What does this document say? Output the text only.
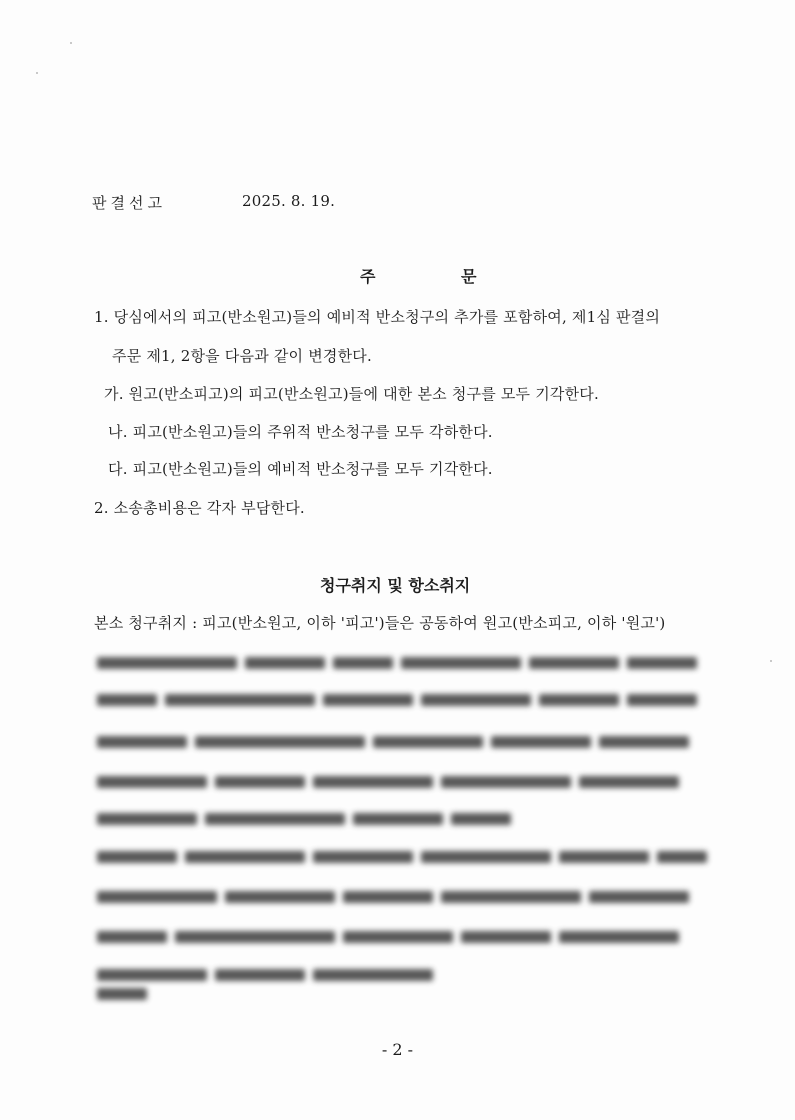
판결선고	2025. 8. 19.
주 문
1. 당심에서의 피고(반소원고)들의 예비적 반소청구의 추가를 포함하여, 제1심 판결의
주문 제1, 2항을 다음과 같이 변경한다.
가. 원고(반소피고)의 피고(반소원고)들에 대한 본소 청구를 모두 기각한다.
나. 피고(반소원고)들의 주위적 반소청구를 모두 각하한다.
다. 피고(반소원고)들의 예비적 반소청구를 모두 기각한다.
2. 소송총비용은 각자 부담한다.
청구취지 및 항소취지
본소 청구취지 : 피고(반소원고, 이하 '피고')들은 공동하여 원고(반소피고, 이하 '원고')
- 2 -
